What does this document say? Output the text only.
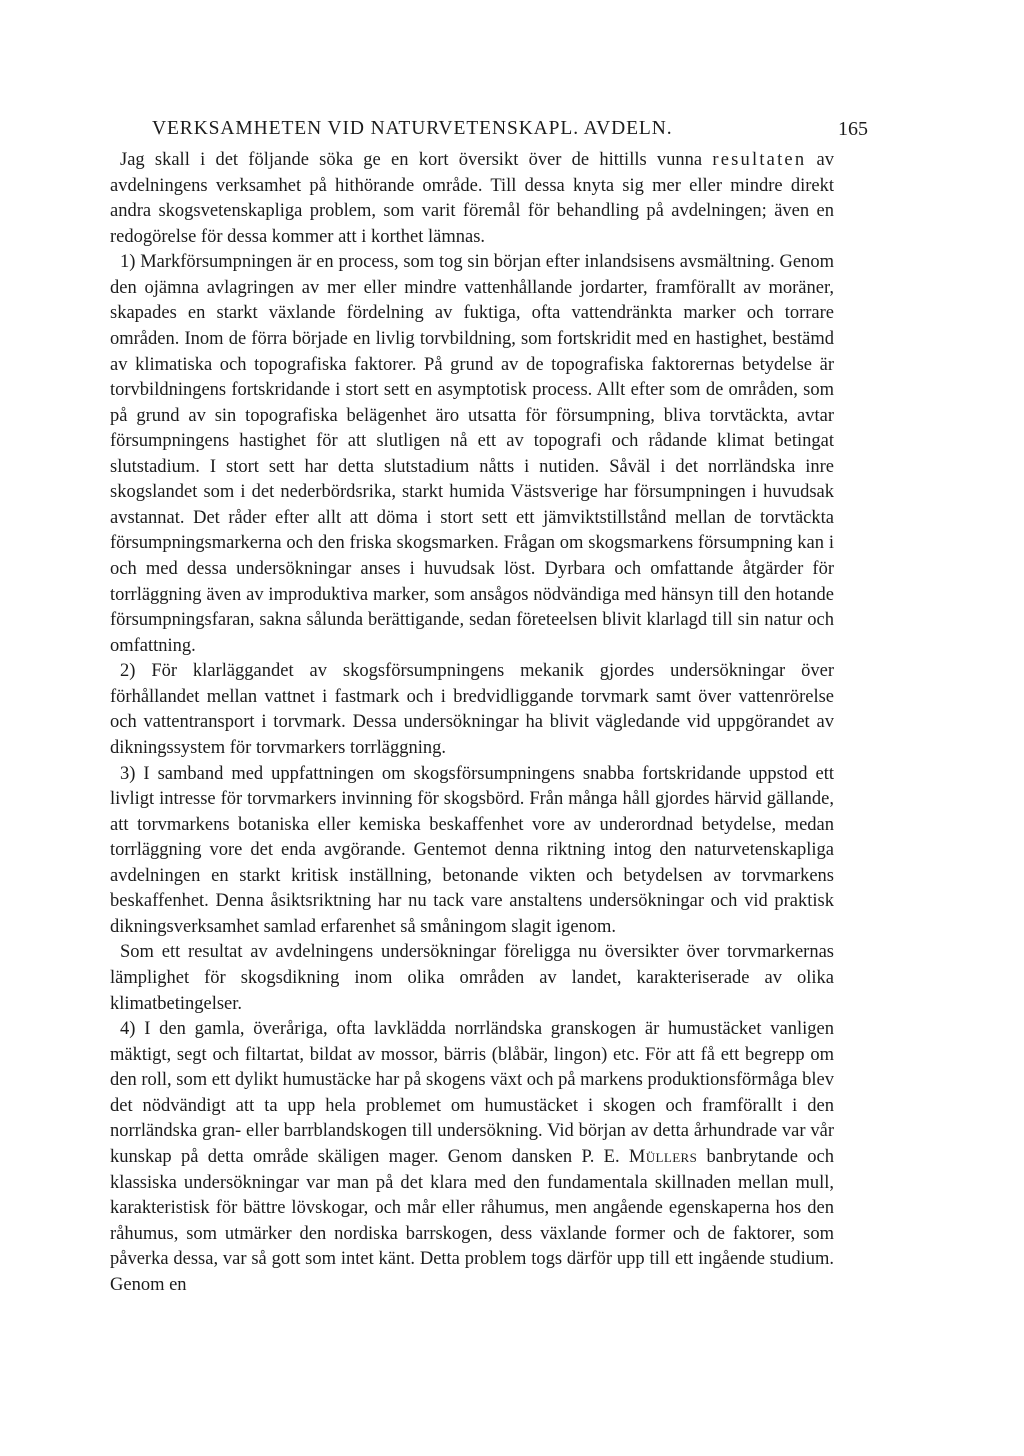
VERKSAMHETEN VID NATURVETENSKAPL. AVDELN.	165

Jag skall i det följande söka ge en kort översikt över de hittills vunna resultaten av avdelningens verksamhet på hithörande område. Till dessa knyta sig mer eller mindre direkt andra skogsvetenskapliga problem, som varit föremål för behandling på avdelningen; även en redogörelse för dessa kommer att i korthet lämnas.

1) Markförsumpningen är en process, som tog sin början efter inlandsisens avsmältning. Genom den ojämna avlagringen av mer eller mindre vattenhållande jordarter, framförallt av moräner, skapades en starkt växlande fördelning av fuktiga, ofta vattendränkta marker och torrare områden. Inom de förra började en livlig torvbildning, som fortskridit med en hastighet, bestämd av klimatiska och topografiska faktorer. På grund av de topografiska faktorernas betydelse är torvbildningens fortskridande i stort sett en asymptotisk process. Allt efter som de områden, som på grund av sin topografiska belägenhet äro utsatta för försumpning, bliva torvtäckta, avtar försumpningens hastighet för att slutligen nå ett av topografi och rådande klimat betingat slutstadium. I stort sett har detta slutstadium nåtts i nutiden. Såväl i det norrländska inre skogslandet som i det nederbördsrika, starkt humida Västsverige har försumpningen i huvudsak avstannat. Det råder efter allt att döma i stort sett ett jämviktstillstånd mellan de torvtäckta försumpningsmarkerna och den friska skogsmarken. Frågan om skogsmarkens försumpning kan i och med dessa undersökningar anses i huvudsak löst. Dyrbara och omfattande åtgärder för torrläggning även av improduktiva marker, som ansågos nödvändiga med hänsyn till den hotande försumpningsfaran, sakna sålunda berättigande, sedan företeelsen blivit klarlagd till sin natur och omfattning.

2) För klarläggandet av skogsförsumpningens mekanik gjordes undersökningar över förhållandet mellan vattnet i fastmark och i bredvidliggande torvmark samt över vattenrörelse och vattentransport i torvmark. Dessa undersökningar ha blivit vägledande vid uppgörandet av dikningssystem för torvmarkers torrläggning.

3) I samband med uppfattningen om skogsförsumpningens snabba fortskridande uppstod ett livligt intresse för torvmarkers invinning för skogsbörd. Från många håll gjordes härvid gällande, att torvmarkens botaniska eller kemiska beskaffenhet vore av underordnad betydelse, medan torrläggning vore det enda avgörande. Gentemot denna riktning intog den naturvetenskapliga avdelningen en starkt kritisk inställning, betonande vikten och betydelsen av torvmarkens beskaffenhet. Denna åsiktsriktning har nu tack vare anstaltens undersökningar och vid praktisk dikningsverksamhet samlad erfarenhet så småningom slagit igenom.

Som ett resultat av avdelningens undersökningar föreligga nu översikter över torvmarkernas lämplighet för skogsdikning inom olika områden av landet, karakteriserade av olika klimatbetingelser.

4) I den gamla, överåriga, ofta lavklädda norrländska granskogen är humustäcket vanligen mäktigt, segt och filtartat, bildat av mossor, bärris (blåbär, lingon) etc. För att få ett begrepp om den roll, som ett dylikt humustäcke har på skogens växt och på markens produktionsförmåga blev det nödvändigt att ta upp hela problemet om humustäcket i skogen och framförallt i den norrländska gran- eller barrblandskogen till undersökning. Vid början av detta århundrade var vår kunskap på detta område skäligen mager. Genom dansken P. E. Müllers banbrytande och klassiska undersökningar var man på det klara med den fundamentala skillnaden mellan mull, karakteristisk för bättre lövskogar, och mår eller råhumus, men angående egenskaperna hos den råhumus, som utmärker den nordiska barrskogen, dess växlande former och de faktorer, som påverka dessa, var så gott som intet känt. Detta problem togs därför upp till ett ingående studium. Genom en
